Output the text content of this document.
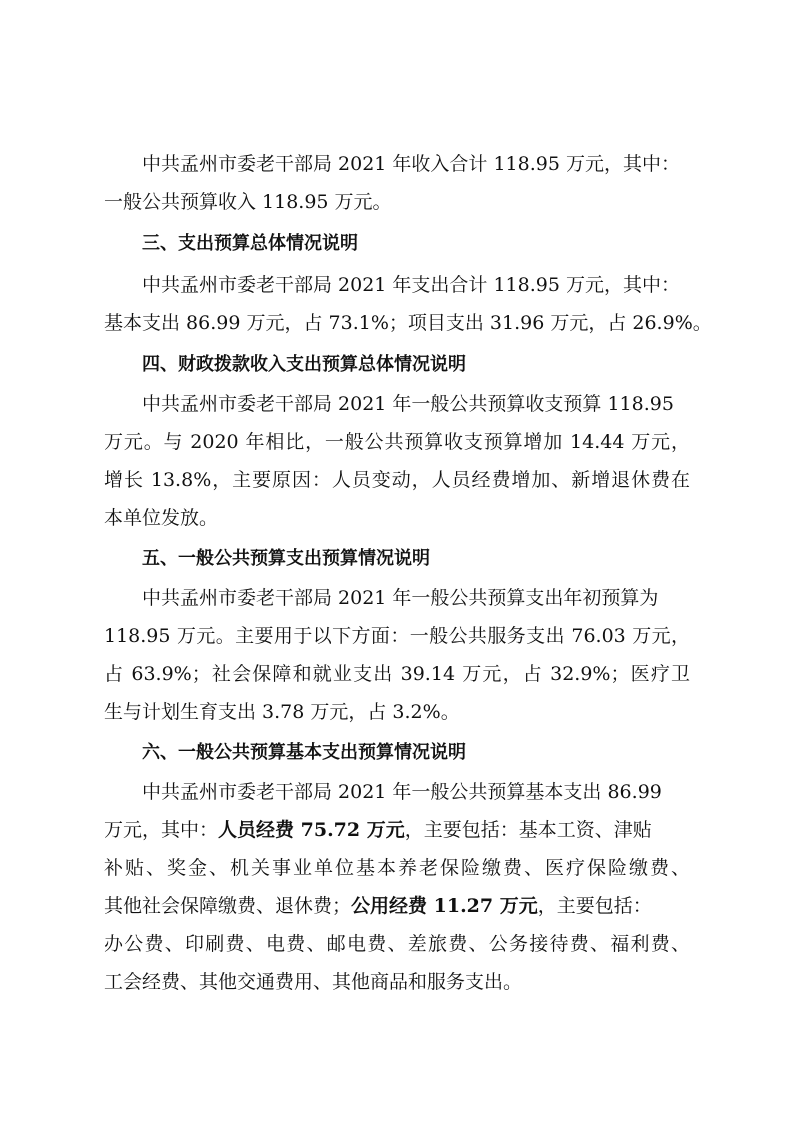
中共孟州市委老干部局 2021 年收入合计 118.95 万元，其中：
一般公共预算收入 118.95 万元。
三、支出预算总体情况说明
中共孟州市委老干部局 2021 年支出合计 118.95 万元，其中：
基本支出 86.99 万元，占 73.1%；项目支出 31.96 万元，占 26.9%。
四、财政拨款收入支出预算总体情况说明
中共孟州市委老干部局 2021 年一般公共预算收支预算 118.95
万元。与 2020 年相比，一般公共预算收支预算增加 14.44 万元，
增长 13.8%，主要原因：人员变动，人员经费增加、新增退休费在
本单位发放。
五、一般公共预算支出预算情况说明
中共孟州市委老干部局 2021 年一般公共预算支出年初预算为
118.95 万元。主要用于以下方面：一般公共服务支出 76.03 万元，
占 63.9%；社会保障和就业支出 39.14 万元，占 32.9%；医疗卫
生与计划生育支出 3.78 万元，占 3.2%。
六、一般公共预算基本支出预算情况说明
中共孟州市委老干部局 2021 年一般公共预算基本支出 86.99
万元，其中：人员经费 75.72 万元，主要包括：基本工资、津贴
补贴、奖金、机关事业单位基本养老保险缴费、医疗保险缴费、
其他社会保障缴费、退休费；公用经费 11.27 万元，主要包括：
办公费、印刷费、电费、邮电费、差旅费、公务接待费、福利费、
工会经费、其他交通费用、其他商品和服务支出。
